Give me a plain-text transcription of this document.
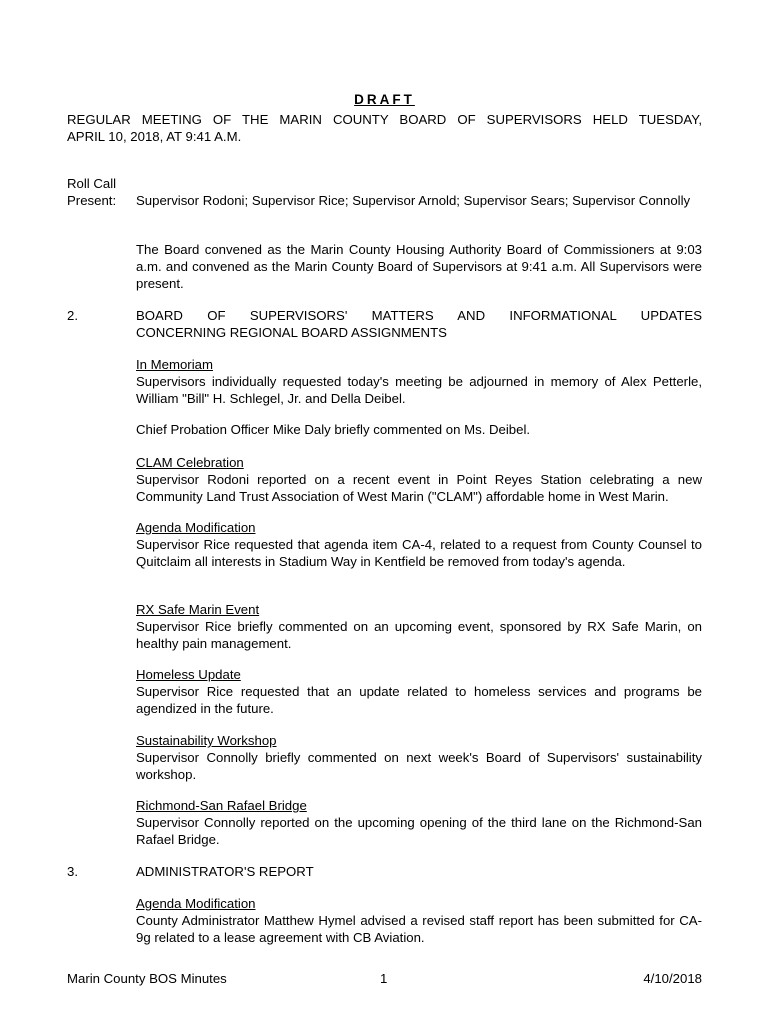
DRAFT
REGULAR MEETING OF THE MARIN COUNTY BOARD OF SUPERVISORS HELD TUESDAY,
APRIL 10, 2018, AT 9:41 A.M.
Roll Call
Present: Supervisor Rodoni; Supervisor Rice; Supervisor Arnold; Supervisor Sears; Supervisor Connolly
The Board convened as the Marin County Housing Authority Board of Commissioners at 9:03 a.m. and convened as the Marin County Board of Supervisors at 9:41 a.m. All Supervisors were present.
2.	BOARD OF SUPERVISORS' MATTERS AND INFORMATIONAL UPDATES
CONCERNING REGIONAL BOARD ASSIGNMENTS
In Memoriam
Supervisors individually requested today's meeting be adjourned in memory of Alex Petterle, William "Bill" H. Schlegel, Jr. and Della Deibel.
Chief Probation Officer Mike Daly briefly commented on Ms. Deibel.
CLAM Celebration
Supervisor Rodoni reported on a recent event in Point Reyes Station celebrating a new Community Land Trust Association of West Marin ("CLAM") affordable home in West Marin.
Agenda Modification
Supervisor Rice requested that agenda item CA-4, related to a request from County Counsel to Quitclaim all interests in Stadium Way in Kentfield be removed from today's agenda.
RX Safe Marin Event
Supervisor Rice briefly commented on an upcoming event, sponsored by RX Safe Marin, on healthy pain management.
Homeless Update
Supervisor Rice requested that an update related to homeless services and programs be agendized in the future.
Sustainability Workshop
Supervisor Connolly briefly commented on next week's Board of Supervisors' sustainability workshop.
Richmond-San Rafael Bridge
Supervisor Connolly reported on the upcoming opening of the third lane on the Richmond-San Rafael Bridge.
3.	ADMINISTRATOR'S REPORT
Agenda Modification
County Administrator Matthew Hymel advised a revised staff report has been submitted for CA-9g related to a lease agreement with CB Aviation.
Marin County BOS Minutes	1	4/10/2018
